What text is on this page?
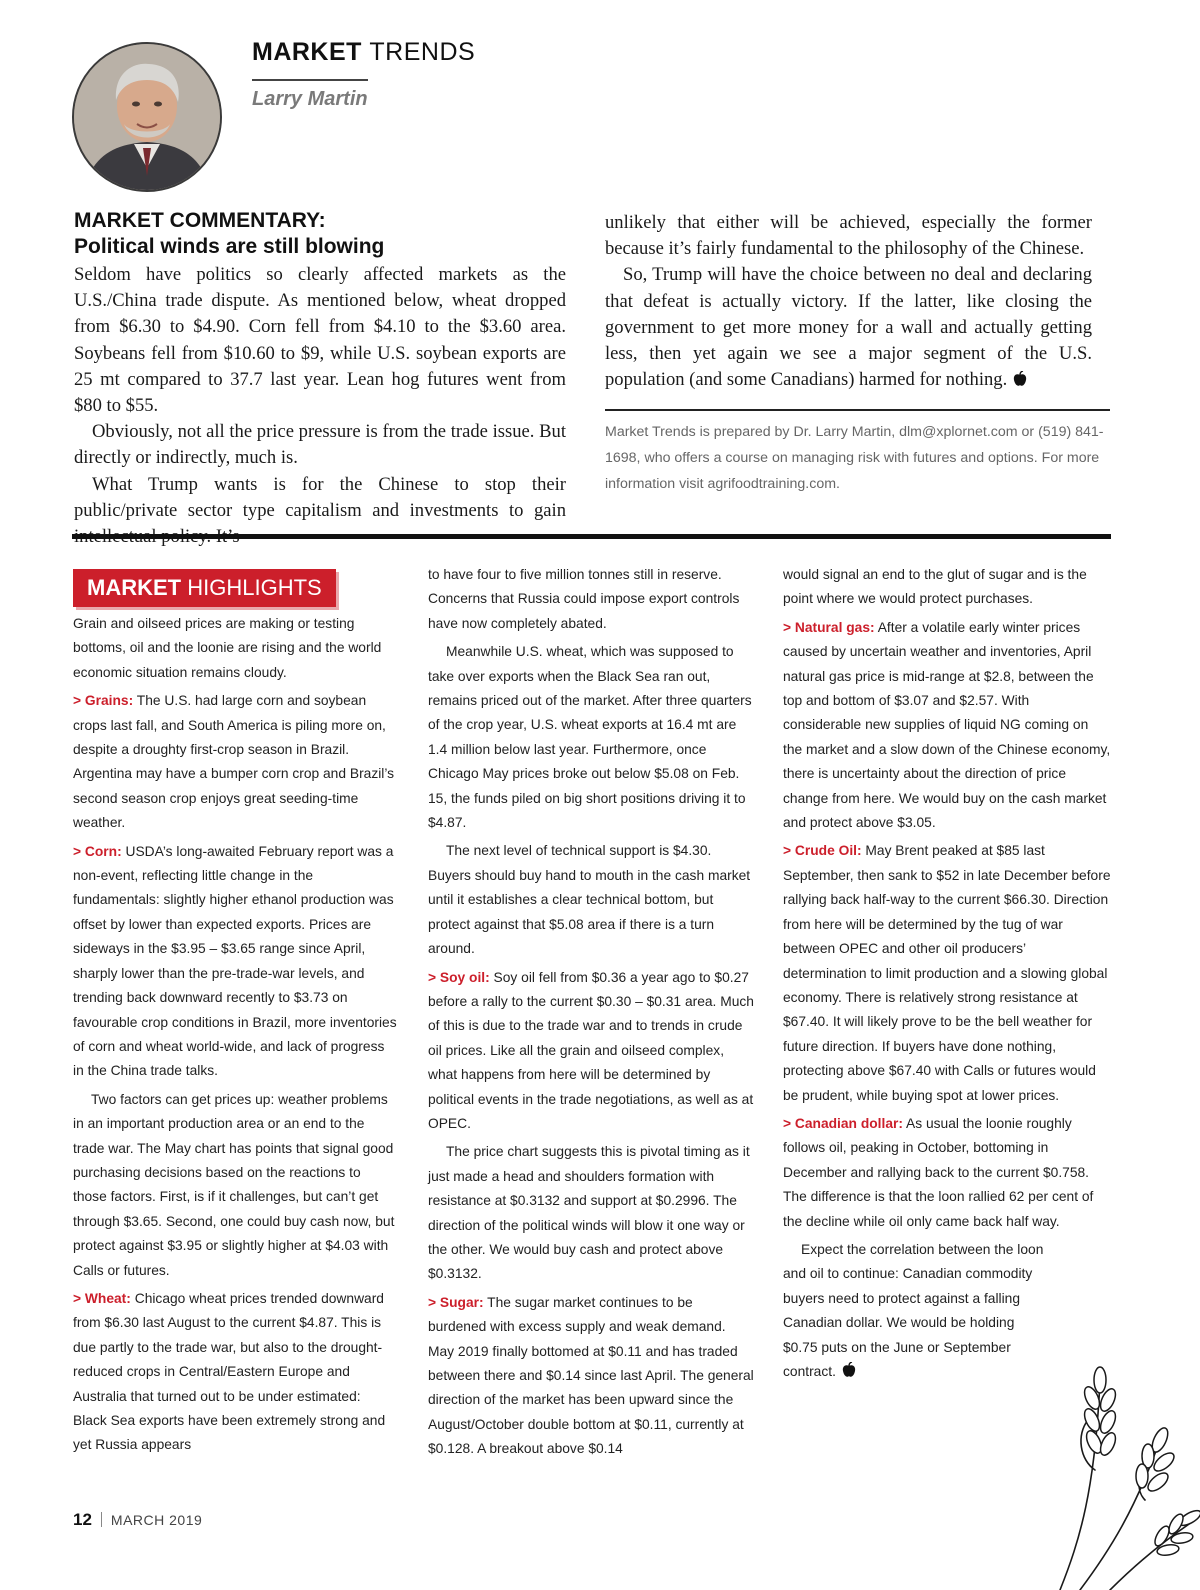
MARKET TRENDS
Larry Martin
MARKET COMMENTARY:
Political winds are still blowing

Seldom have politics so clearly affected markets as the U.S./China trade dispute. As mentioned below, wheat dropped from $6.30 to $4.90. Corn fell from $4.10 to the $3.60 area. Soybeans fell from $10.60 to $9, while U.S. soybean exports are 25 mt compared to 37.7 last year. Lean hog futures went from $80 to $55.

Obviously, not all the price pressure is from the trade issue. But directly or indirectly, much is.

What Trump wants is for the Chinese to stop their public/private sector type capitalism and investments to gain

unlikely that either will be achieved, especially the former because it’s fairly fundamental to the philosophy of the Chinese.

So, Trump will have the choice between no deal and declaring that defeat is actually victory. If the latter, like closing the government to get more money for a wall and actually getting less, then yet again we see a major segment of the U.S. population (and some Canadians) harmed for nothing.

Market Trends is prepared by Dr. Larry Martin, dlm@xplornet.com or (519) 841-1698, who offers a course on managing risk with futures and options. For more information visit agrifoodtraining.com.

MARKET HIGHLIGHTS

Grain and oilseed prices are making or testing bottoms, oil and the loonie are rising and the world economic situation remains cloudy.

> Grains: The U.S. had large corn and soybean crops last fall, and South America is piling more on, despite a droughty first-crop season in Brazil. Argentina may have a bumper corn crop and Brazil’s second season crop enjoys great seeding-time weather.

> Corn: USDA’s long-awaited February report was a non-event, reflecting little change in the fundamentals: slightly higher ethanol production was offset by lower than expected exports. Prices are sideways in the $3.95 – $3.65 range since April, sharply lower than the pre-trade-war levels, and trending back downward recently to $3.73 on favourable crop conditions in Brazil, more inventories of corn and wheat world-wide, and lack of progress in the China trade talks.

Two factors can get prices up: weather problems in an important production area or an end to the trade war. The May chart has points that signal good purchasing decisions based on the reactions to those factors. First, is if it challenges, but can’t get through $3.65. Second, one could buy cash now, but protect against $3.95 or slightly higher at $4.03 with Calls or futures.

> Wheat: Chicago wheat prices trended downward from $6.30 last August to the current $4.87. This is due partly to the trade war, but also to the drought-reduced crops in Central/Eastern Europe and Australia that turned out to be under estimated: Black Sea exports have been extremely strong and yet Russia appears

to have four to five million tonnes still in reserve. Concerns that Russia could impose export controls have now completely abated.

Meanwhile U.S. wheat, which was supposed to take over exports when the Black Sea ran out, remains priced out of the market. After three quarters of the crop year, U.S. wheat exports at 16.4 mt are 1.4 million below last year. Furthermore, once Chicago May prices broke out below $5.08 on Feb. 15, the funds piled on big short positions driving it to $4.87.

The next level of technical support is $4.30. Buyers should buy hand to mouth in the cash market until it establishes a clear technical bottom, but protect against that $5.08 area if there is a turn around.

> Soy oil: Soy oil fell from $0.36 a year ago to $0.27 before a rally to the current $0.30 – $0.31 area. Much of this is due to the trade war and to trends in crude oil prices. Like all the grain and oilseed complex, what happens from here will be determined by political events in the trade negotiations, as well as at OPEC.

The price chart suggests this is pivotal timing as it just made a head and shoulders formation with resistance at $0.3132 and support at $0.2996. The direction of the political winds will blow it one way or the other. We would buy cash and protect above $0.3132.

> Sugar: The sugar market continues to be burdened with excess supply and weak demand. May 2019 finally bottomed at $0.11 and has traded between there and $0.14 since last April. The general direction of the market has been upward since the August/October double bottom at $0.11, currently at $0.128. A breakout above $0.14

would signal an end to the glut of sugar and is the point where we would protect purchases.

> Natural gas: After a volatile early winter prices caused by uncertain weather and inventories, April natural gas price is mid-range at $2.8, between the top and bottom of $3.07 and $2.57. With considerable new supplies of liquid NG coming on the market and a slow down of the Chinese economy, there is uncertainty about the direction of price change from here. We would buy on the cash market and protect above $3.05.

> Crude Oil: May Brent peaked at $85 last September, then sank to $52 in late December before rallying back half-way to the current $66.30. Direction from here will be determined by the tug of war between OPEC and other oil producers’ determination to limit production and a slowing global economy. There is relatively strong resistance at $67.40. It will likely prove to be the bell weather for future direction. If buyers have done nothing, protecting above $67.40 with Calls or futures would be prudent, while buying spot at lower prices.

> Canadian dollar: As usual the loonie roughly follows oil, peaking in October, bottoming in December and rallying back to the current $0.758. The difference is that the loon rallied 62 per cent of the decline while oil only came back half way.

Expect the correlation between the loon and oil to continue: Canadian commodity buyers need to protect against a falling Canadian dollar. We would be holding $0.75 puts on the June or September contract.

12 MARCH 2019
